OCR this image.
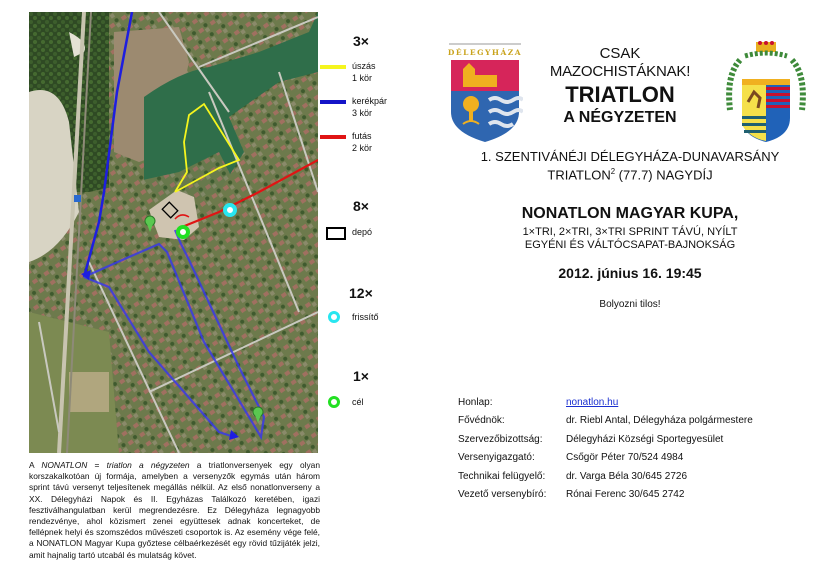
3×
úszás
1 kör
kerékpár
3 kör
futás
2 kör
8×
depó
12×
frissítő
1×
cél
DÉLEGYHÁZA	CSAK
MAZOCHISTÁKNAK!
TRIATLON
A NÉGYZETEN
1. SZENTIVÁNÉJI DÉLEGYHÁZA-DUNAVARSÁNY
TRIATLON$^2$ (77.7) NAGYDÍJ
NONATLON MAGYAR KUPA,
1×TRI, 2×TRI, 3×TRI SPRINT TÁVÚ, NYÍLT
EGYÉNI ÉS VÁLTÓCSAPAT-BAJNOKSÁG
2012. június 16. 19:45
Bolyozni tilos!
Honlap:	nonatlon.hu
Fővédnök:	dr. Riebl Antal, Délegyháza polgármestere
Szervezőbizottság:	Délegyházi Községi Sportegyesület
Versenyigazgató:	Csőgör Péter 70/524 4984
Technikai felügyelő:	dr. Varga Béla 30/645 2726
Vezető versenybíró:	Rónai Ferenc 30/645 2742
A NONATLON = triatlon a négyzeten a triatlonversenyek egy olyan korszakalkotóan új formája, amelyben a versenyzők egymás után három sprint távú versenyt teljesítenek megállás nélkül. Az első nonatlonverseny a XX. Délegyházi Napok és II. Egyházas Találkozó keretében, igazi fesztiválhangulatban kerül megrendezésre. Ez Délegyháza legnagyobb rendezvénye, ahol közismert zenei együttesek adnak koncerteket, de fellépnek helyi és szomszédos művészeti csoportok is. Az esemény vége felé, a NONATLON Magyar Kupa győztese célbaérkezését egy rövid tűzijáték jelzi, amit hajnalig tartó utcabál és mulatság követ.
